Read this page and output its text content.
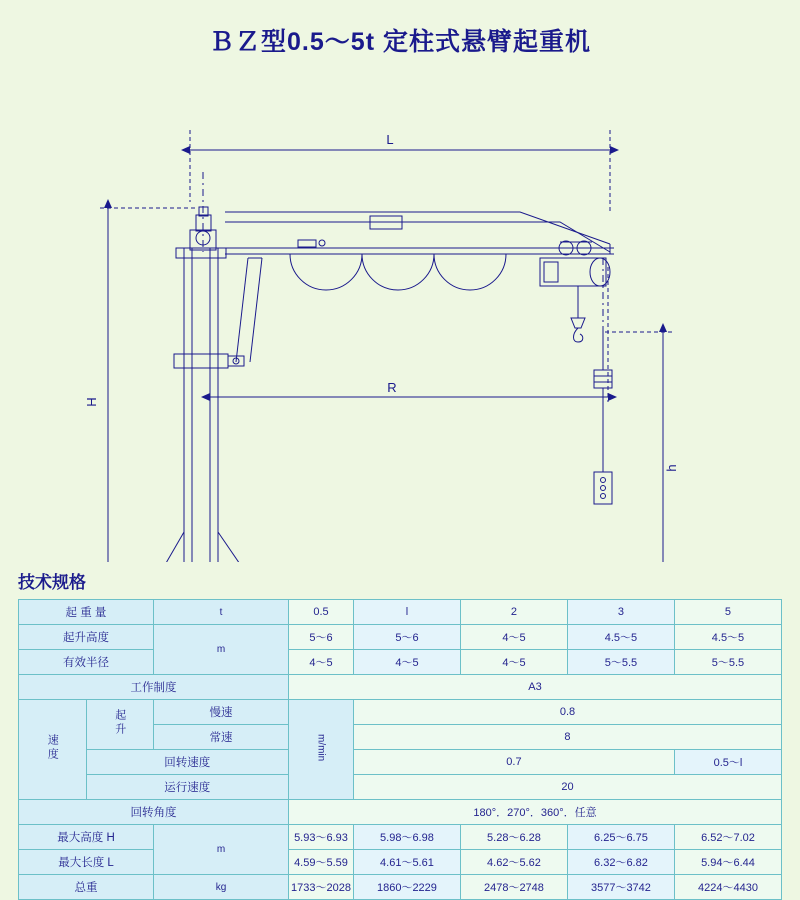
ＢＺ型0.5～5t 定柱式悬臂起重机
L
R
H
h
技术规格
起 重 量		t	0.5	l	2	3	5
起升高度		m	5～6	5～6	4～5	4.5～5	4.5～5
有效半径			4～5	4～5	4～5	5～5.5	5～5.5
工作制度			A3				
速度	起升	慢速	m/min	0.8			
		常速		8			
	回转速度			0.7			0.5～l
	运行速度			20			
回转角度			180°．270°．360°．任意				
最大高度 H		m	5.93～6.93	5.98～6.98	5.28～6.28	6.25～6.75	6.52～7.02
最大长度 L			4.59～5.59	4.61～5.61	4.62～5.62	6.32～6.82	5.94～6.44
总重		kg	1733～2028	1860～2229	2478～2748	3577～3742	4224～4430
